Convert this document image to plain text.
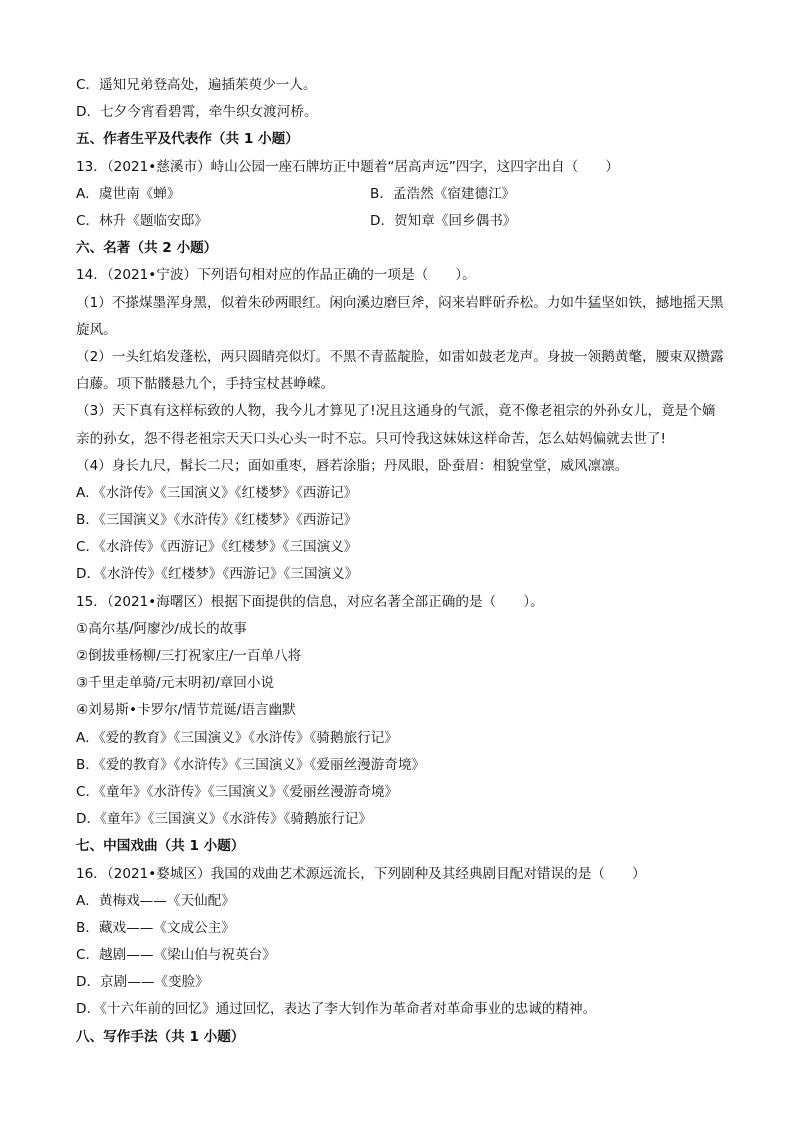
C．遥知兄弟登高处，遍插茱萸少一人。
D．七夕今宵看碧霄，牵牛织女渡河桥。
五、作者生平及代表作（共 1 小题）
13．（2021•慈溪市）峙山公园一座石牌坊正中题着“居高声远”四字，这四字出自（　　）
A．虞世南《蝉》	B．孟浩然《宿建德江》
C．林升《题临安邸》	D．贺知章《回乡偶书》
六、名著（共 2 小题）
14．（2021•宁波）下列语句相对应的作品正确的一项是（　　）。
（1）不搽煤墨浑身黑，似着朱砂两眼红。闲向溪边磨巨斧，闷来岩畔斫乔松。力如牛猛坚如铁，撼地摇天黑旋风。
（2）一头红焰发蓬松，两只圆睛亮似灯。不黑不青蓝靛脸，如雷如鼓老龙声。身披一领鹅黄氅，腰束双攒露白藤。项下骷髅悬九个，手持宝杖甚峥嵘。
（3）天下真有这样标致的人物，我今儿才算见了!况且这通身的气派，竟不像老祖宗的外孙女儿，竟是个嫡亲的孙女，怨不得老祖宗天天口头心头一时不忘。只可怜我这妹妹这样命苦，怎么姑妈偏就去世了!
（4）身长九尺，髯长二尺；面如重枣，唇若涂脂；丹凤眼，卧蚕眉：相貌堂堂，威风凛凛。
A．《水浒传》《三国演义》《红楼梦》《西游记》
B．《三国演义》《水浒传》《红楼梦》《西游记》
C．《水浒传》《西游记》《红楼梦》《三国演义》
D．《水浒传》《红楼梦》《西游记》《三国演义》
15．（2021•海曙区）根据下面提供的信息，对应名著全部正确的是（　　）。
①高尔基/阿廖沙/成长的故事
②倒拔垂杨柳/三打祝家庄/一百单八将
③千里走单骑/元末明初/章回小说
④刘易斯•卡罗尔/情节荒诞/语言幽默
A．《爱的教育》《三国演义》《水浒传》《骑鹅旅行记》
B．《爱的教育》《水浒传》《三国演义》《爱丽丝漫游奇境》
C．《童年》《水浒传》《三国演义》《爱丽丝漫游奇境》
D．《童年》《三国演义》《水浒传》《骑鹅旅行记》
七、中国戏曲（共 1 小题）
16．（2021•婺城区）我国的戏曲艺术源远流长，下列剧种及其经典剧目配对错误的是（　　）
A．黄梅戏——《天仙配》
B．藏戏——《文成公主》
C．越剧——《梁山伯与祝英台》
D．京剧——《变脸》
D．《十六年前的回忆》通过回忆，表达了李大钊作为革命者对革命事业的忠诚的精神。
八、写作手法（共 1 小题）
